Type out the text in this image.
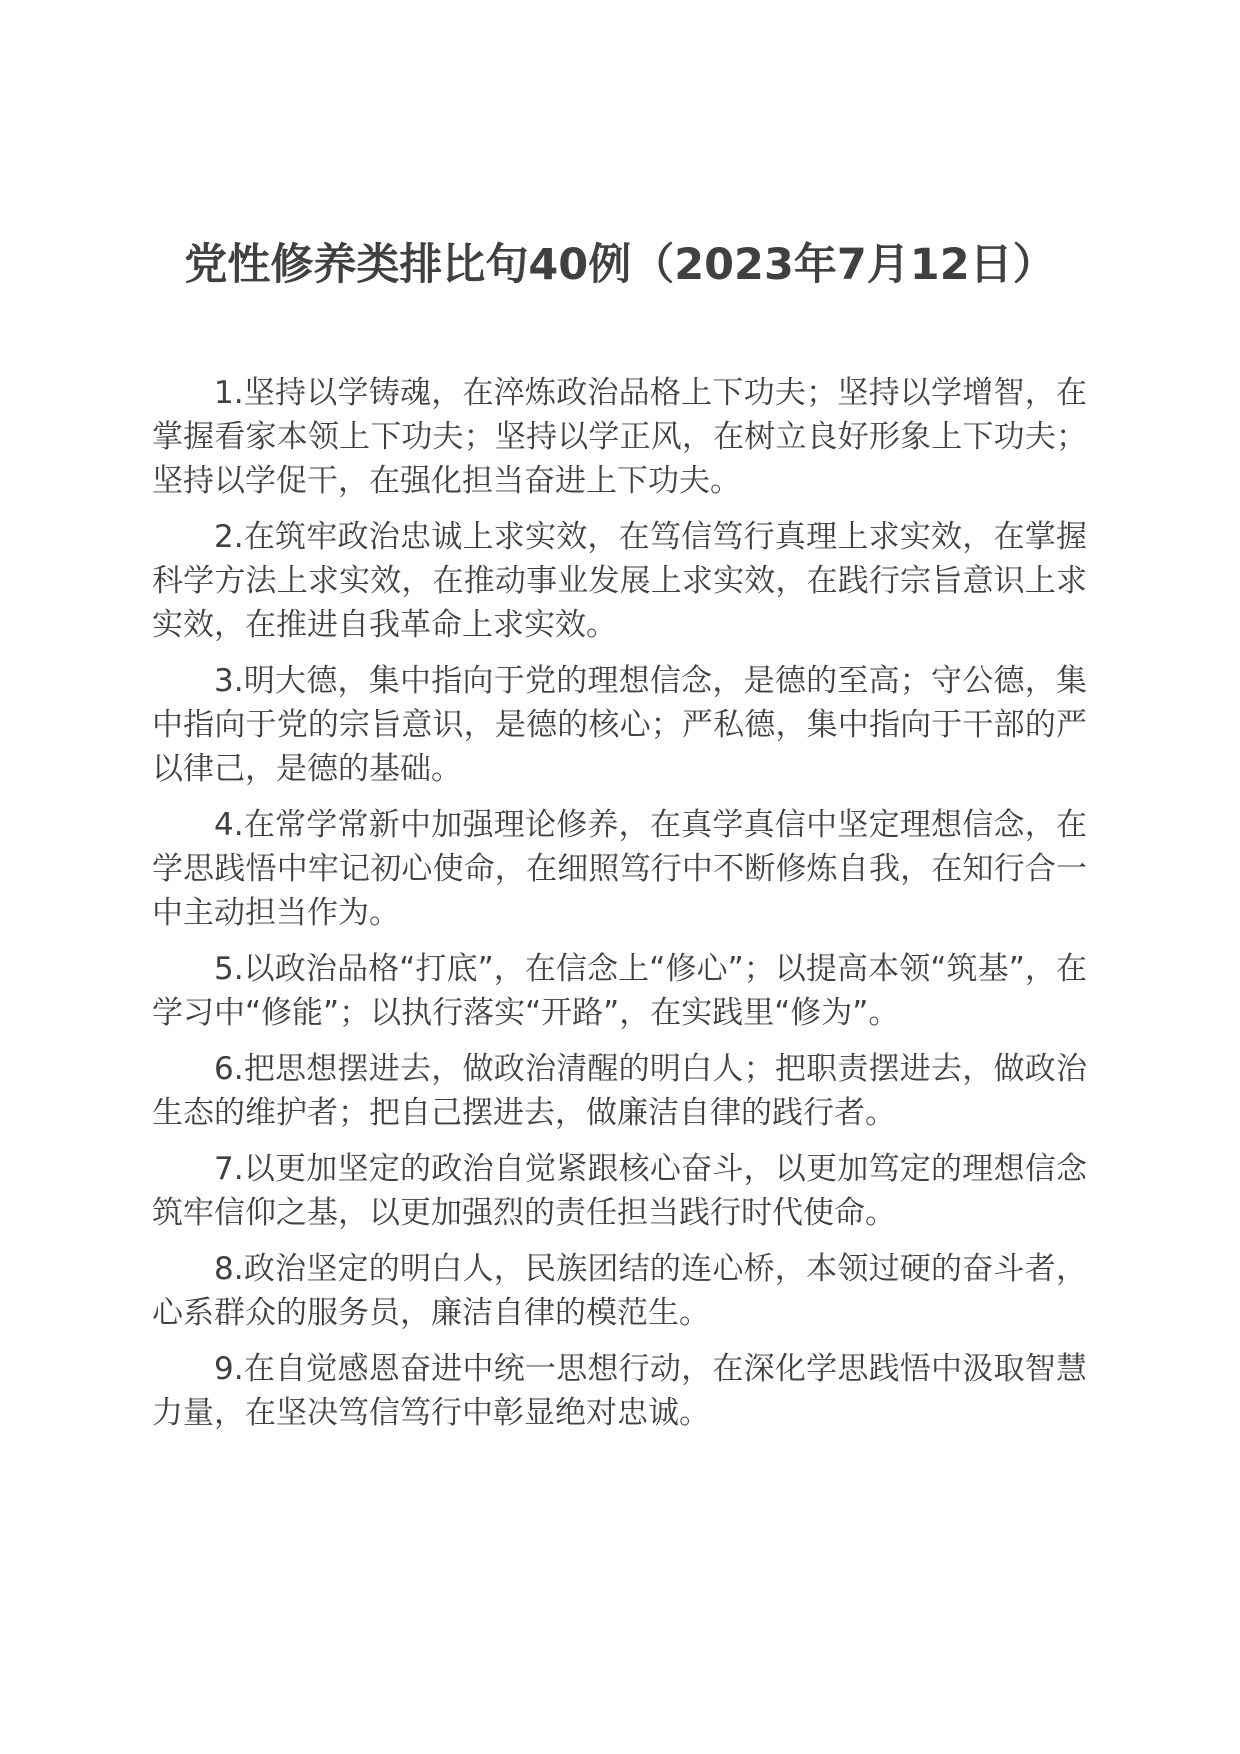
党性修养类排比句40例（2023年7月12日）

1.坚持以学铸魂，在淬炼政治品格上下功夫；坚持以学增智，在掌握看家本领上下功夫；坚持以学正风，在树立良好形象上下功夫；坚持以学促干，在强化担当奋进上下功夫。

2.在筑牢政治忠诚上求实效，在笃信笃行真理上求实效，在掌握科学方法上求实效，在推动事业发展上求实效，在践行宗旨意识上求实效，在推进自我革命上求实效。

3.明大德，集中指向于党的理想信念，是德的至高；守公德，集中指向于党的宗旨意识，是德的核心；严私德，集中指向于干部的严以律己，是德的基础。

4.在常学常新中加强理论修养，在真学真信中坚定理想信念，在学思践悟中牢记初心使命，在细照笃行中不断修炼自我，在知行合一中主动担当作为。

5.以政治品格“打底”，在信念上“修心”；以提高本领“筑基”，在学习中“修能”；以执行落实“开路”，在实践里“修为”。

6.把思想摆进去，做政治清醒的明白人；把职责摆进去，做政治生态的维护者；把自己摆进去，做廉洁自律的践行者。

7.以更加坚定的政治自觉紧跟核心奋斗，以更加笃定的理想信念筑牢信仰之基，以更加强烈的责任担当践行时代使命。

8.政治坚定的明白人，民族团结的连心桥，本领过硬的奋斗者，心系群众的服务员，廉洁自律的模范生。

9.在自觉感恩奋进中统一思想行动，在深化学思践悟中汲取智慧力量，在坚决笃信笃行中彰显绝对忠诚。
